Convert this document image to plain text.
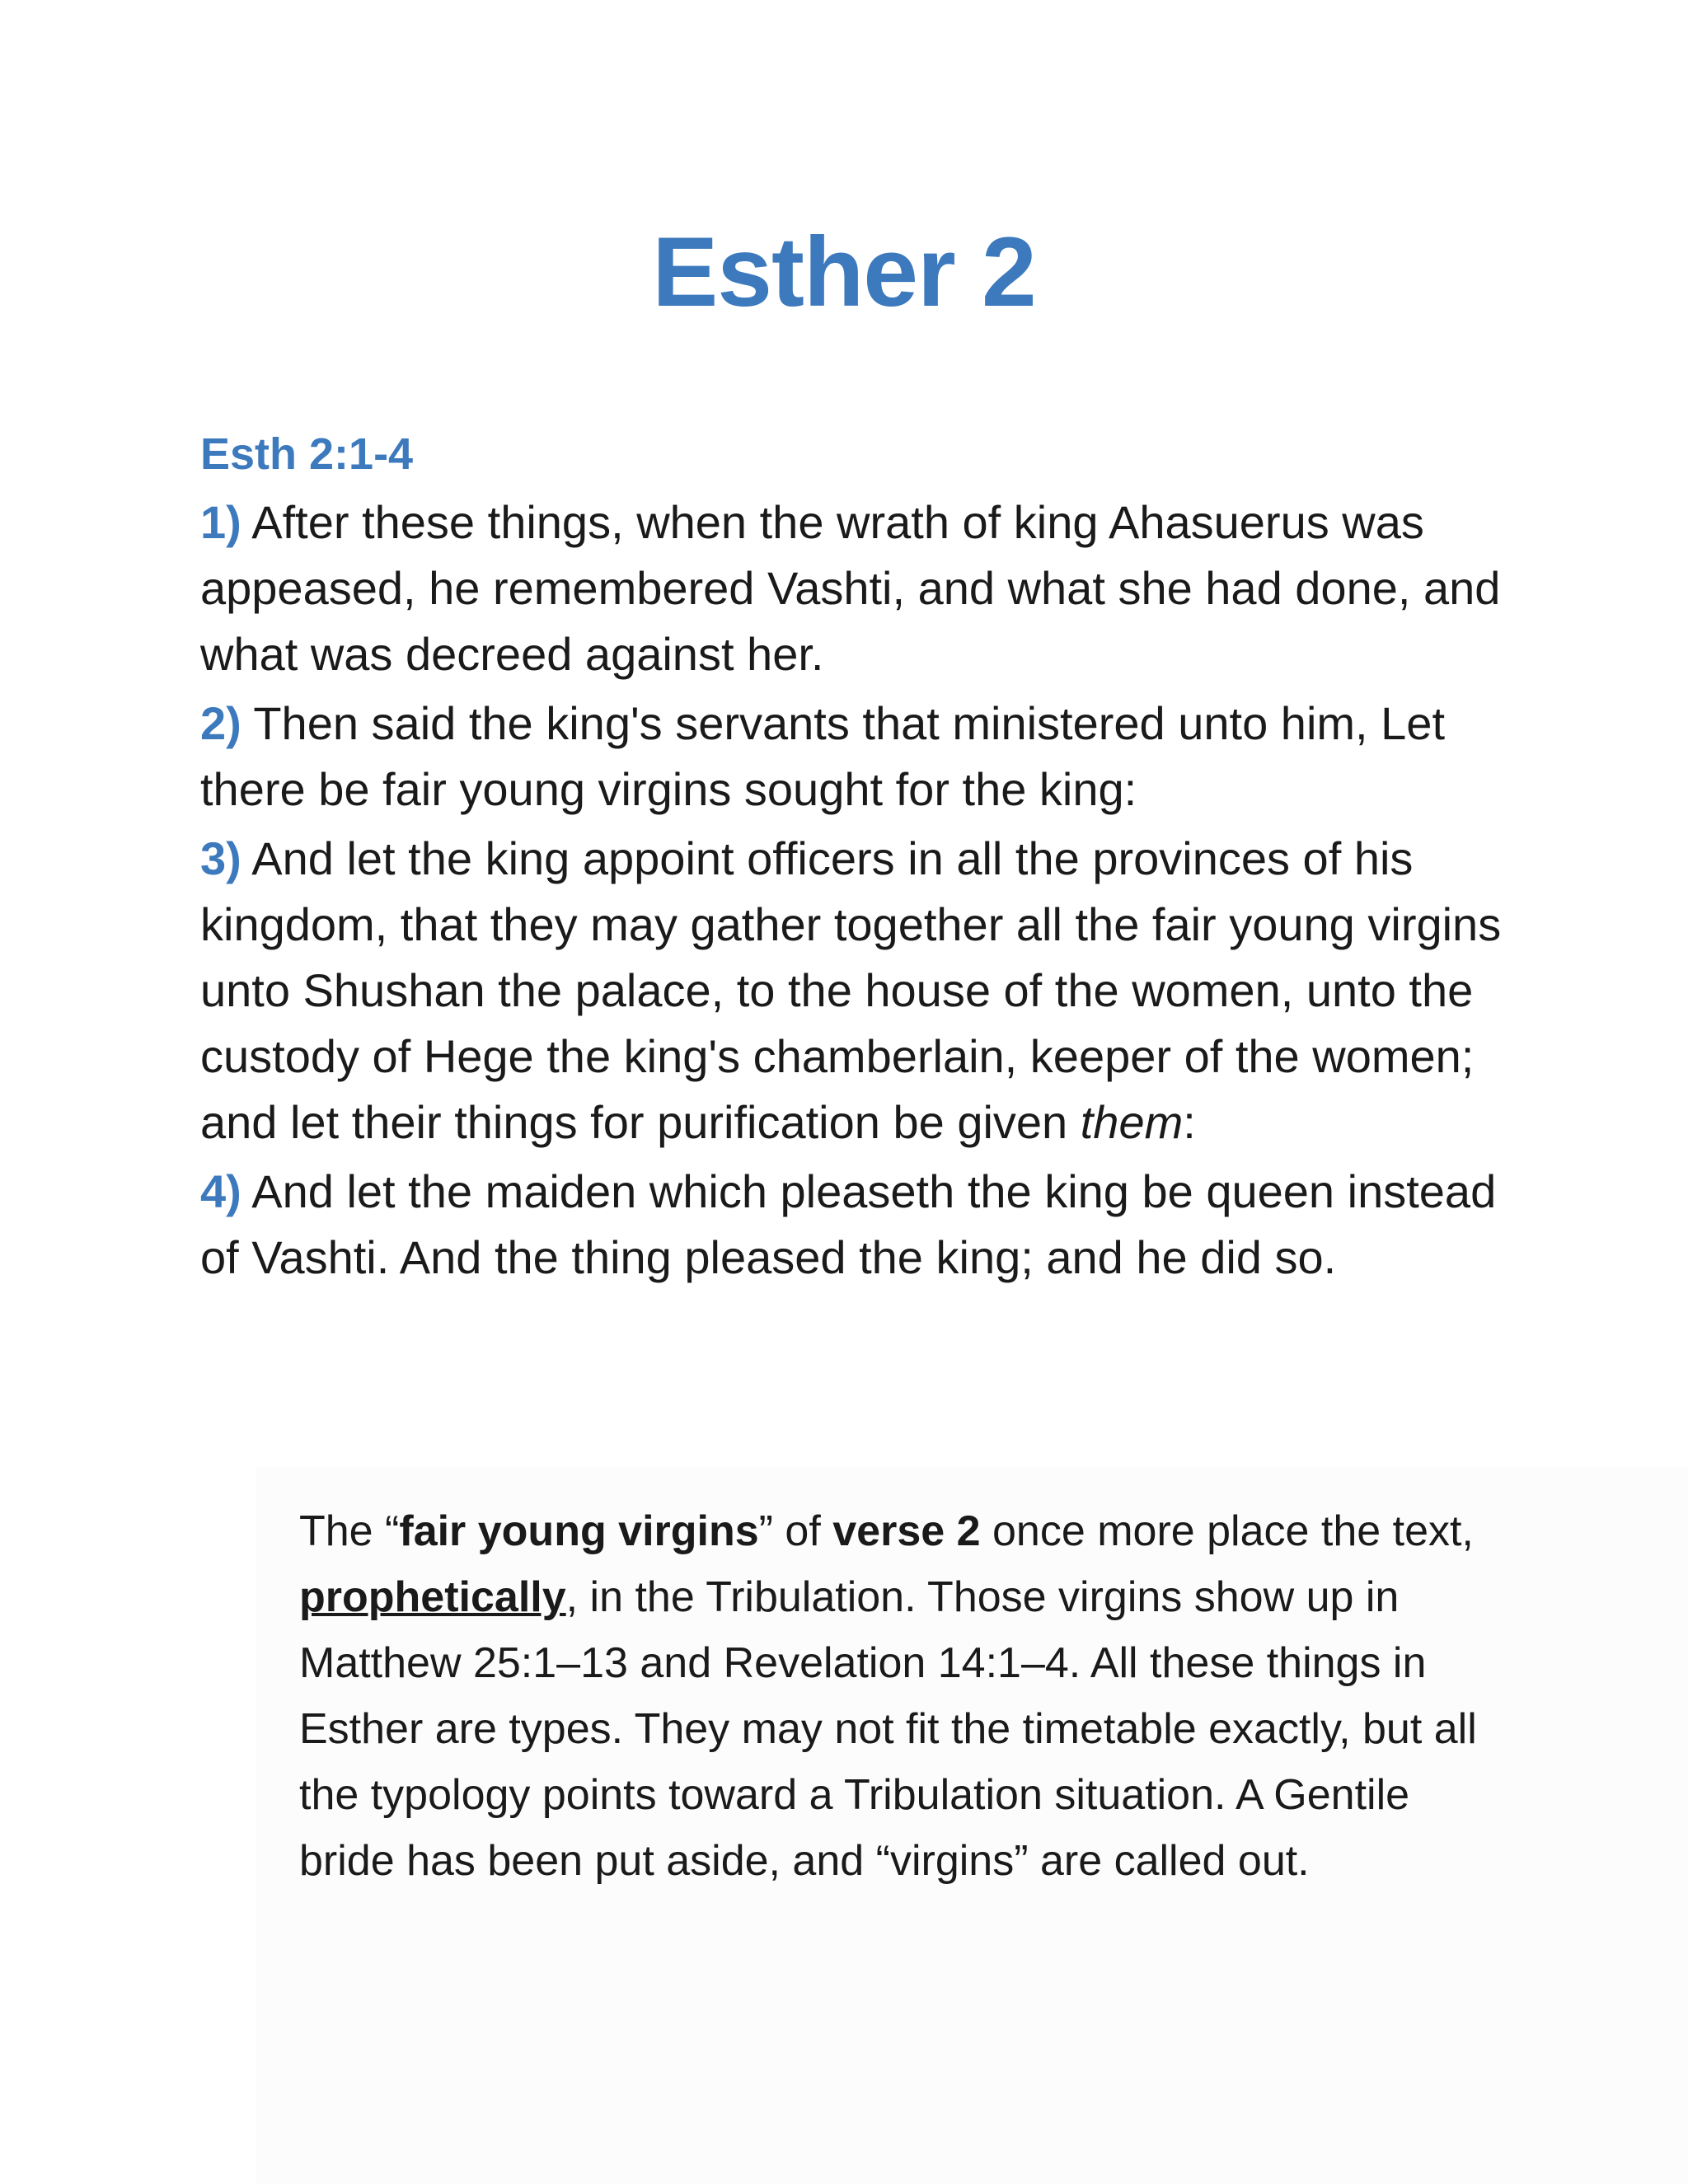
Esther 2
Esth 2:1-4
1) After these things, when the wrath of king Ahasuerus was appeased, he remembered Vashti, and what she had done, and what was decreed against her.
2) Then said the king's servants that ministered unto him, Let there be fair young virgins sought for the king:
3) And let the king appoint officers in all the provinces of his kingdom, that they may gather together all the fair young virgins unto Shushan the palace, to the house of the women, unto the custody of Hege the king's chamberlain, keeper of the women; and let their things for purification be given them:
4) And let the maiden which pleaseth the king be queen instead of Vashti. And the thing pleased the king; and he did so.
The “fair young virgins” of verse 2 once more place the text, prophetically, in the Tribulation. Those virgins show up in Matthew 25:1–13 and Revelation 14:1–4. All these things in Esther are types. They may not fit the timetable exactly, but all the typology points toward a Tribulation situation. A Gentile bride has been put aside, and “virgins” are called out.
